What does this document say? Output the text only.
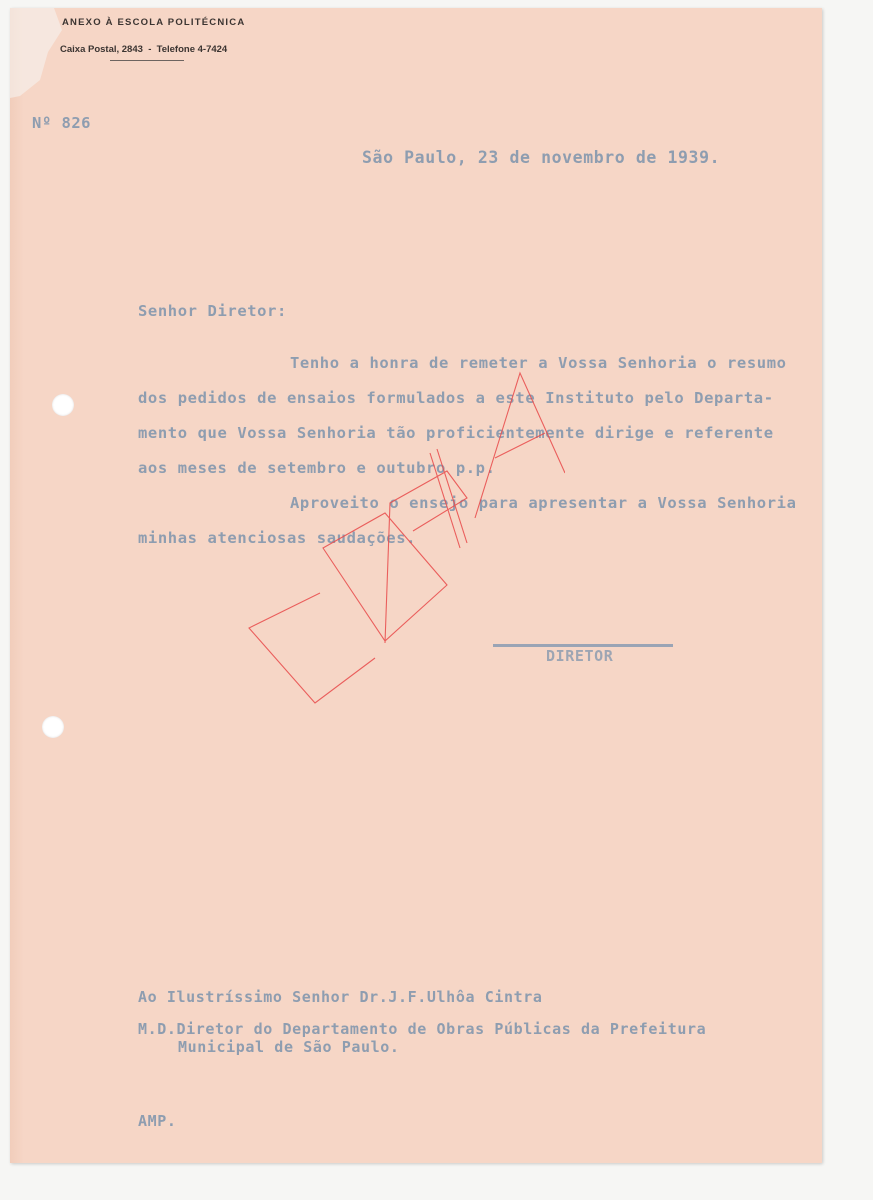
ANEXO À ESCOLA POLITÉCNICA
Caixa Postal, 2843  -  Telefone 4-7424
Nº 826
São Paulo, 23 de novembro de 1939.
Senhor Diretor:
Tenho a honra de remeter a Vossa Senhoria o resumo
dos pedidos de ensaios formulados a este Instituto pelo Departa-
mento que Vossa Senhoria tão proficientemente dirige e referente
aos meses de setembro e outubro p.p.
Aproveito o ensejo para apresentar a Vossa Senhoria
minhas atenciosas saudações.
DIRETOR
Ao Ilustríssimo Senhor Dr.J.F.Ulhôa Cintra
M.D.Diretor do Departamento de Obras Públicas da Prefeitura
Municipal de São Paulo.
AMP.
